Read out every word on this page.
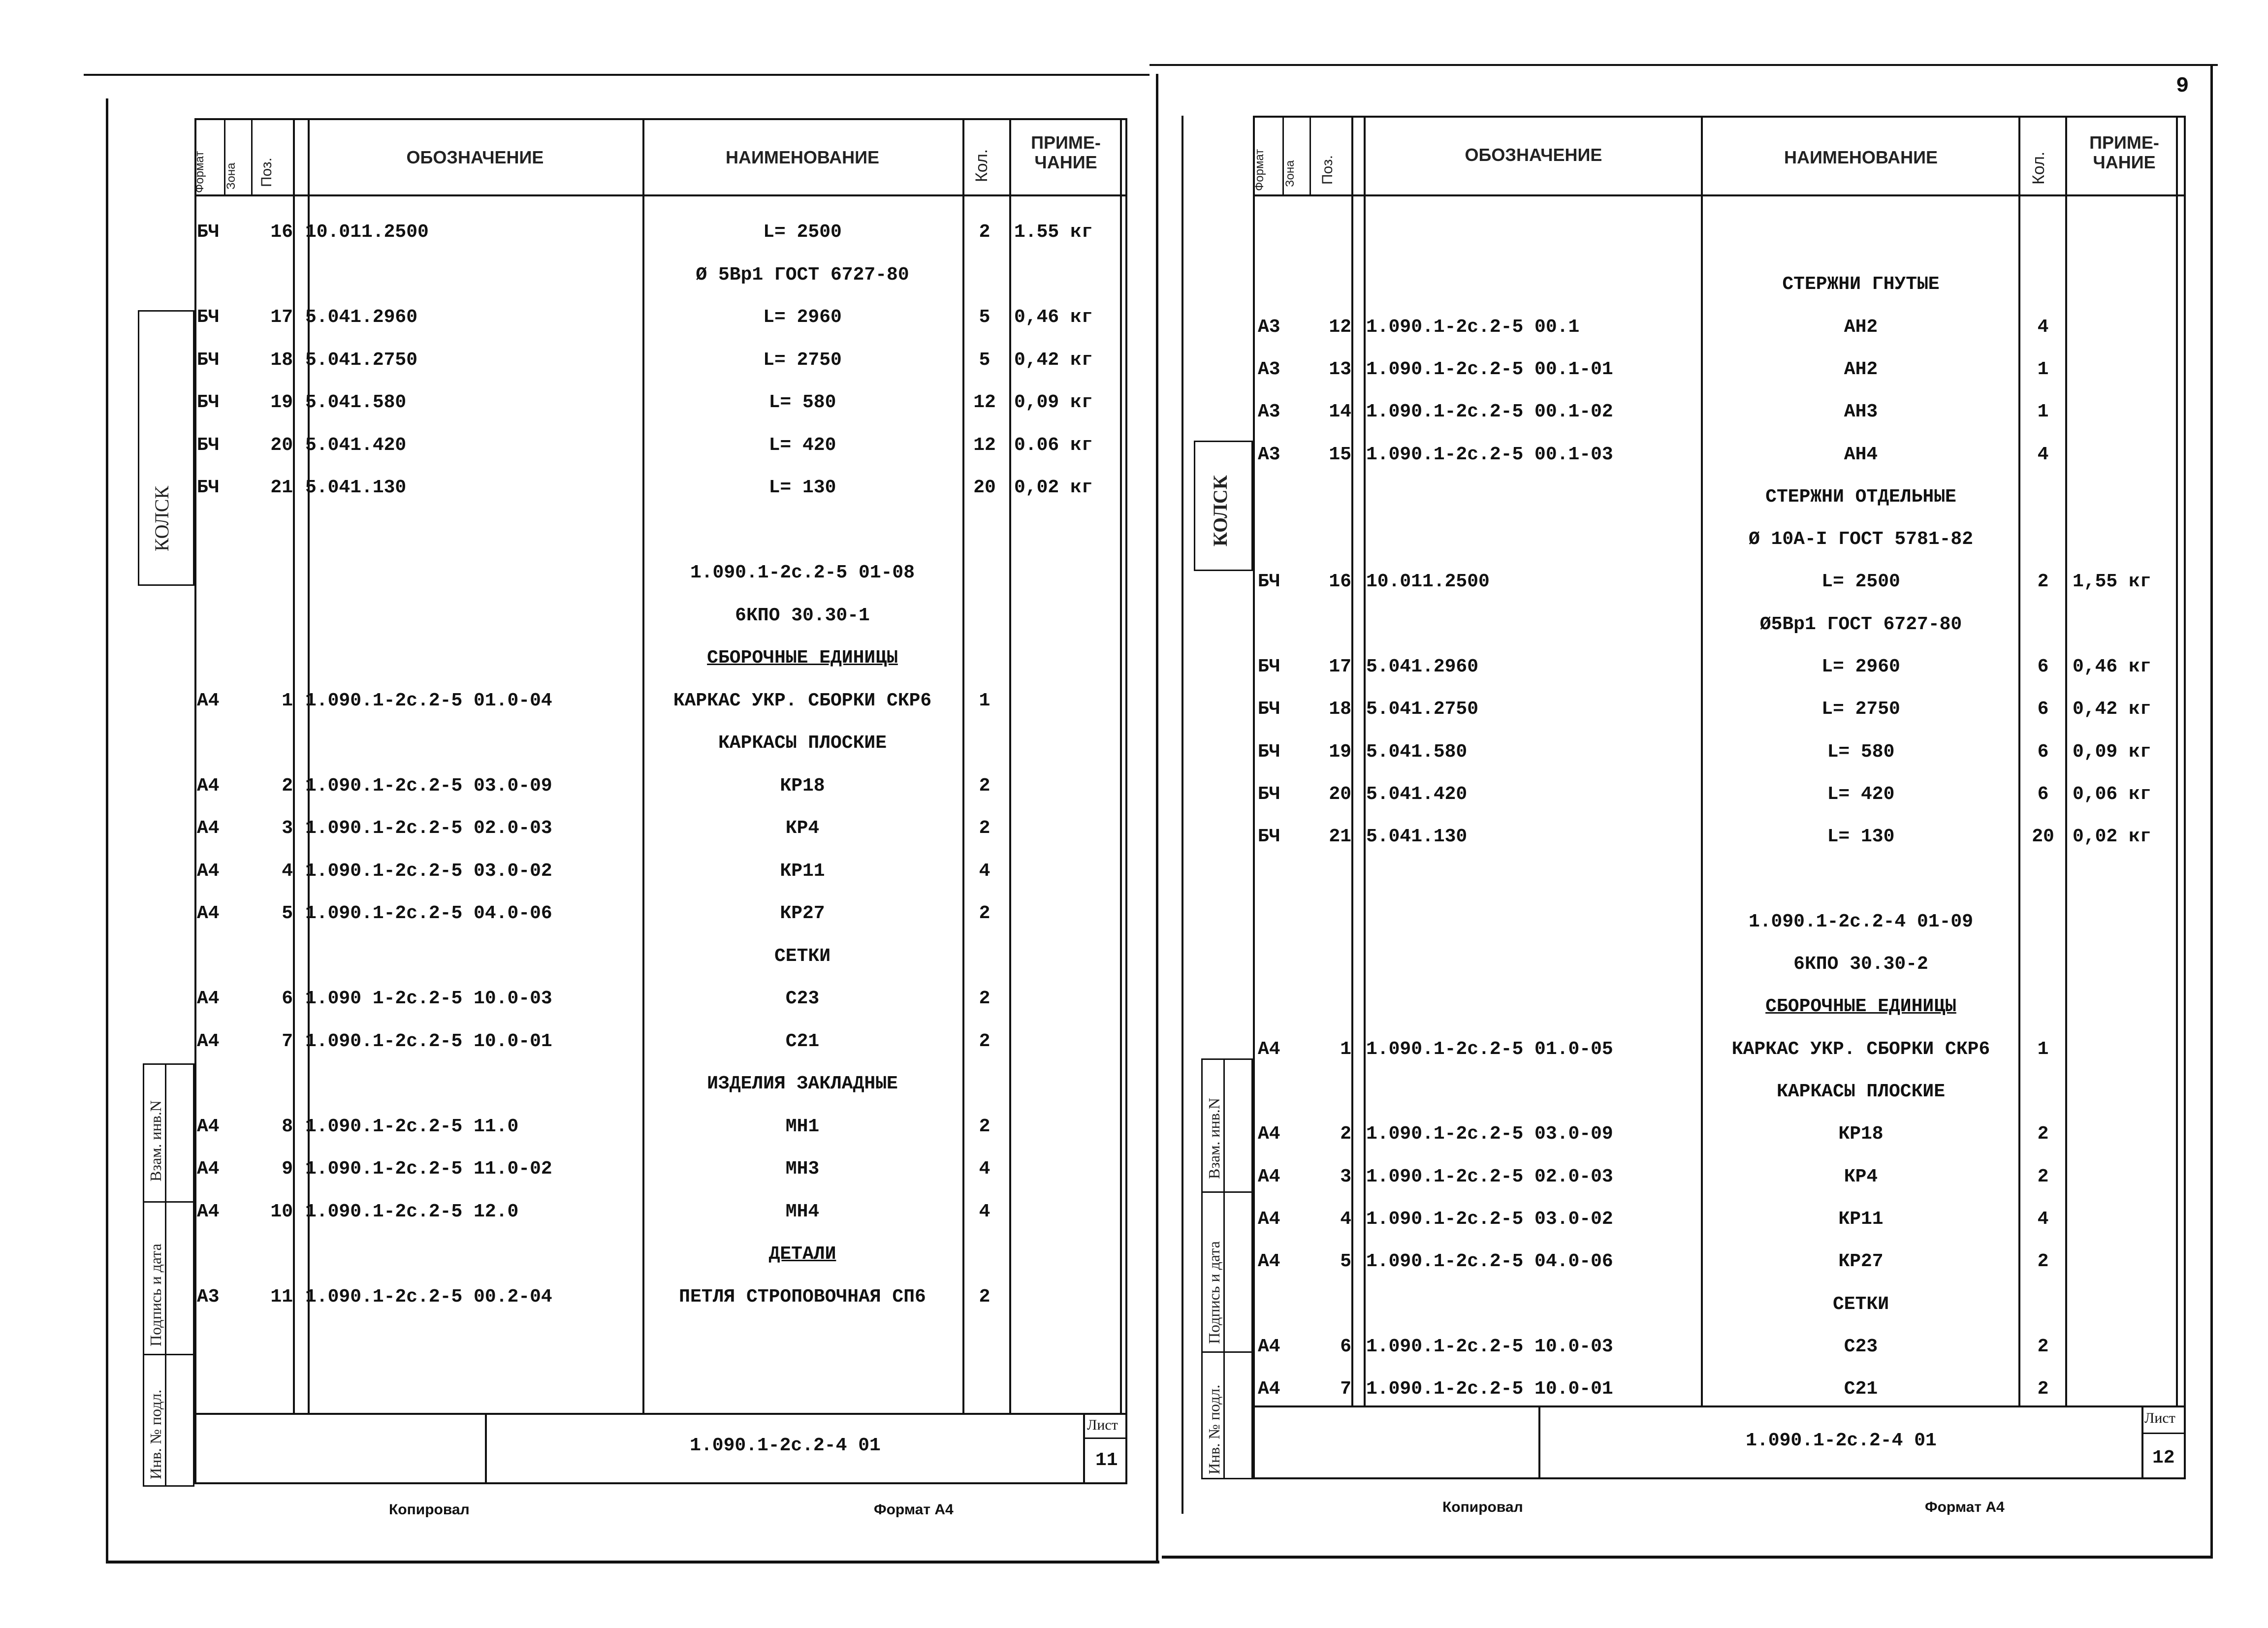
Формат Зона Поз.
ОБОЗНАЧЕНИЕ	НАИМЕНОВАНИЕ	Кол.
ПРИМЕ-
ЧАНИЕ
КОЛСК
Взам. инв.N
Подпись и дата
Инв. № подл.
БЧ	16 10.011.2500	L= 2500	2	1.55 кг
Ø 5Вр1 ГОСТ 6727-80
БЧ	17 5.041.2960	L= 2960	5	0,46 кг
БЧ	18 5.041.2750	L= 2750	5	0,42 кг
БЧ	19 5.041.580	L= 580	12 0,09 кг
БЧ	20 5.041.420	L= 420	12 0.06 кг
БЧ	21 5.041.130	L= 130	20 0,02 кг
1.090.1-2с.2-5 01-08
6КПО 30.30-1
СБОРОЧНЫЕ ЕДИНИЦЫ
А4	1 1.090.1-2с.2-5 01.0-04	КАРКАС УКР. СБОРКИ СКР6	1
КАРКАСЫ ПЛОСКИЕ
А4	2 1.090.1-2с.2-5 03.0-09	КР18	2
А4	3 1.090.1-2с.2-5 02.0-03	КР4	2
А4	4 1.090.1-2с.2-5 03.0-02	КР11	4
А4	5 1.090.1-2с.2-5 04.0-06	КР27	2
СЕТКИ
А4	6 1.090 1-2с.2-5 10.0-03	С23	2
А4	7 1.090.1-2с.2-5 10.0-01	С21	2
ИЗДЕЛИЯ ЗАКЛАДНЫЕ
А4	8 1.090.1-2с.2-5 11.0	МН1	2
А4	9 1.090.1-2с.2-5 11.0-02	МН3	4
А4	10 1.090.1-2с.2-5 12.0	МН4	4
ДЕТАЛИ
А3	11 1.090.1-2с.2-5 00.2-04	ПЕТЛЯ СТРОПОВОЧНАЯ СП6	2
1.090.1-2с.2-4 01
Лист
11
Копировал	Формат А4
Формат Зона Поз.
ОБОЗНАЧЕНИЕ	НАИМЕНОВАНИЕ	Кол.
ПРИМЕ-
ЧАНИЕ
КОЛСК
Взам. инв.N
Подпись и дата
Инв. № подл.
СТЕРЖНИ ГНУТЫЕ
А3	12 1.090.1-2с.2-5 00.1	АН2	4
А3	13 1.090.1-2с.2-5 00.1-01	АН2	1
А3	14 1.090.1-2с.2-5 00.1-02	АН3	1
А3	15 1.090.1-2с.2-5 00.1-03	АН4	4
СТЕРЖНИ ОТДЕЛЬНЫЕ
Ø 10А-I ГОСТ 5781-82
БЧ	16 10.011.2500	L= 2500	2	1,55 кг
Ø5Вр1 ГОСТ 6727-80
БЧ	17 5.041.2960	L= 2960	6	0,46 кг
БЧ	18 5.041.2750	L= 2750	6	0,42 кг
БЧ	19 5.041.580	L= 580	6	0,09 кг
БЧ	20 5.041.420	L= 420	6	0,06 кг
БЧ	21 5.041.130	L= 130	20 0,02 кг
1.090.1-2с.2-4 01-09
6КПО 30.30-2
СБОРОЧНЫЕ ЕДИНИЦЫ
А4	1 1.090.1-2с.2-5 01.0-05	КАРКАС УКР. СБОРКИ СКР6	1
КАРКАСЫ ПЛОСКИЕ
А4	2 1.090.1-2с.2-5 03.0-09	КР18	2
А4	3 1.090.1-2с.2-5 02.0-03	КР4	2
А4	4 1.090.1-2с.2-5 03.0-02	КР11	4
А4	5 1.090.1-2с.2-5 04.0-06	КР27	2
СЕТКИ
А4	6 1.090.1-2с.2-5 10.0-03	С23	2
А4	7 1.090.1-2с.2-5 10.0-01	С21	2
1.090.1-2с.2-4 01
Лист
12
Копировал	Формат А4
9
